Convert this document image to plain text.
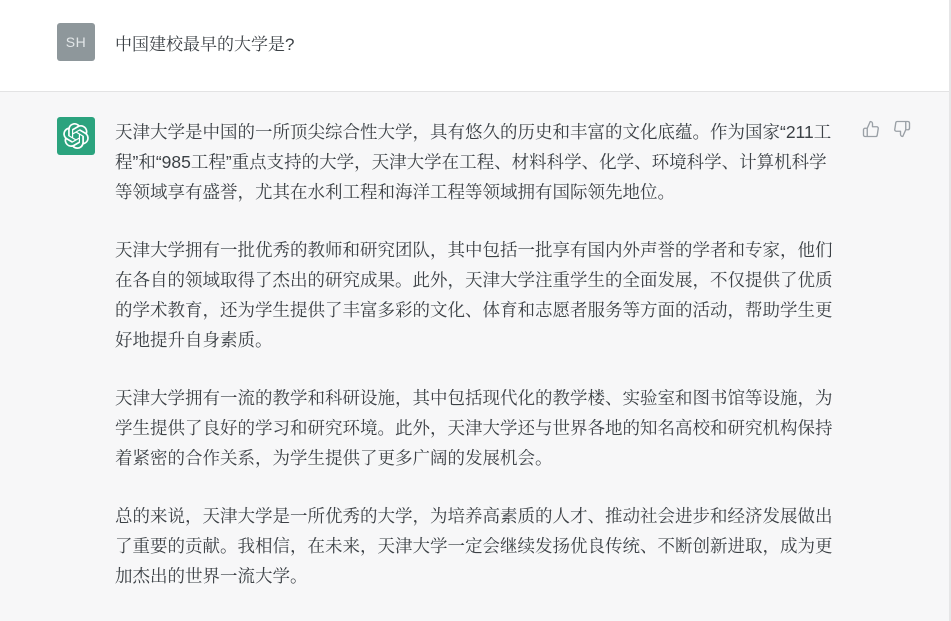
SH	中国建校最早的大学是?

天津大学是中国的一所顶尖综合性大学，具有悠久的历史和丰富的文化底蕴。作为国家“211工程”和“985工程”重点支持的大学，天津大学在工程、材料科学、化学、环境科学、计算机科学等领域享有盛誉，尤其在水利工程和海洋工程等领域拥有国际领先地位。

天津大学拥有一批优秀的教师和研究团队，其中包括一批享有国内外声誉的学者和专家，他们在各自的领域取得了杰出的研究成果。此外，天津大学注重学生的全面发展，不仅提供了优质的学术教育，还为学生提供了丰富多彩的文化、体育和志愿者服务等方面的活动，帮助学生更好地提升自身素质。

天津大学拥有一流的教学和科研设施，其中包括现代化的教学楼、实验室和图书馆等设施，为学生提供了良好的学习和研究环境。此外，天津大学还与世界各地的知名高校和研究机构保持着紧密的合作关系，为学生提供了更多广阔的发展机会。

总的来说，天津大学是一所优秀的大学，为培养高素质的人才、推动社会进步和经济发展做出了重要的贡献。我相信，在未来，天津大学一定会继续发扬优良传统、不断创新进取，成为更加杰出的世界一流大学。
